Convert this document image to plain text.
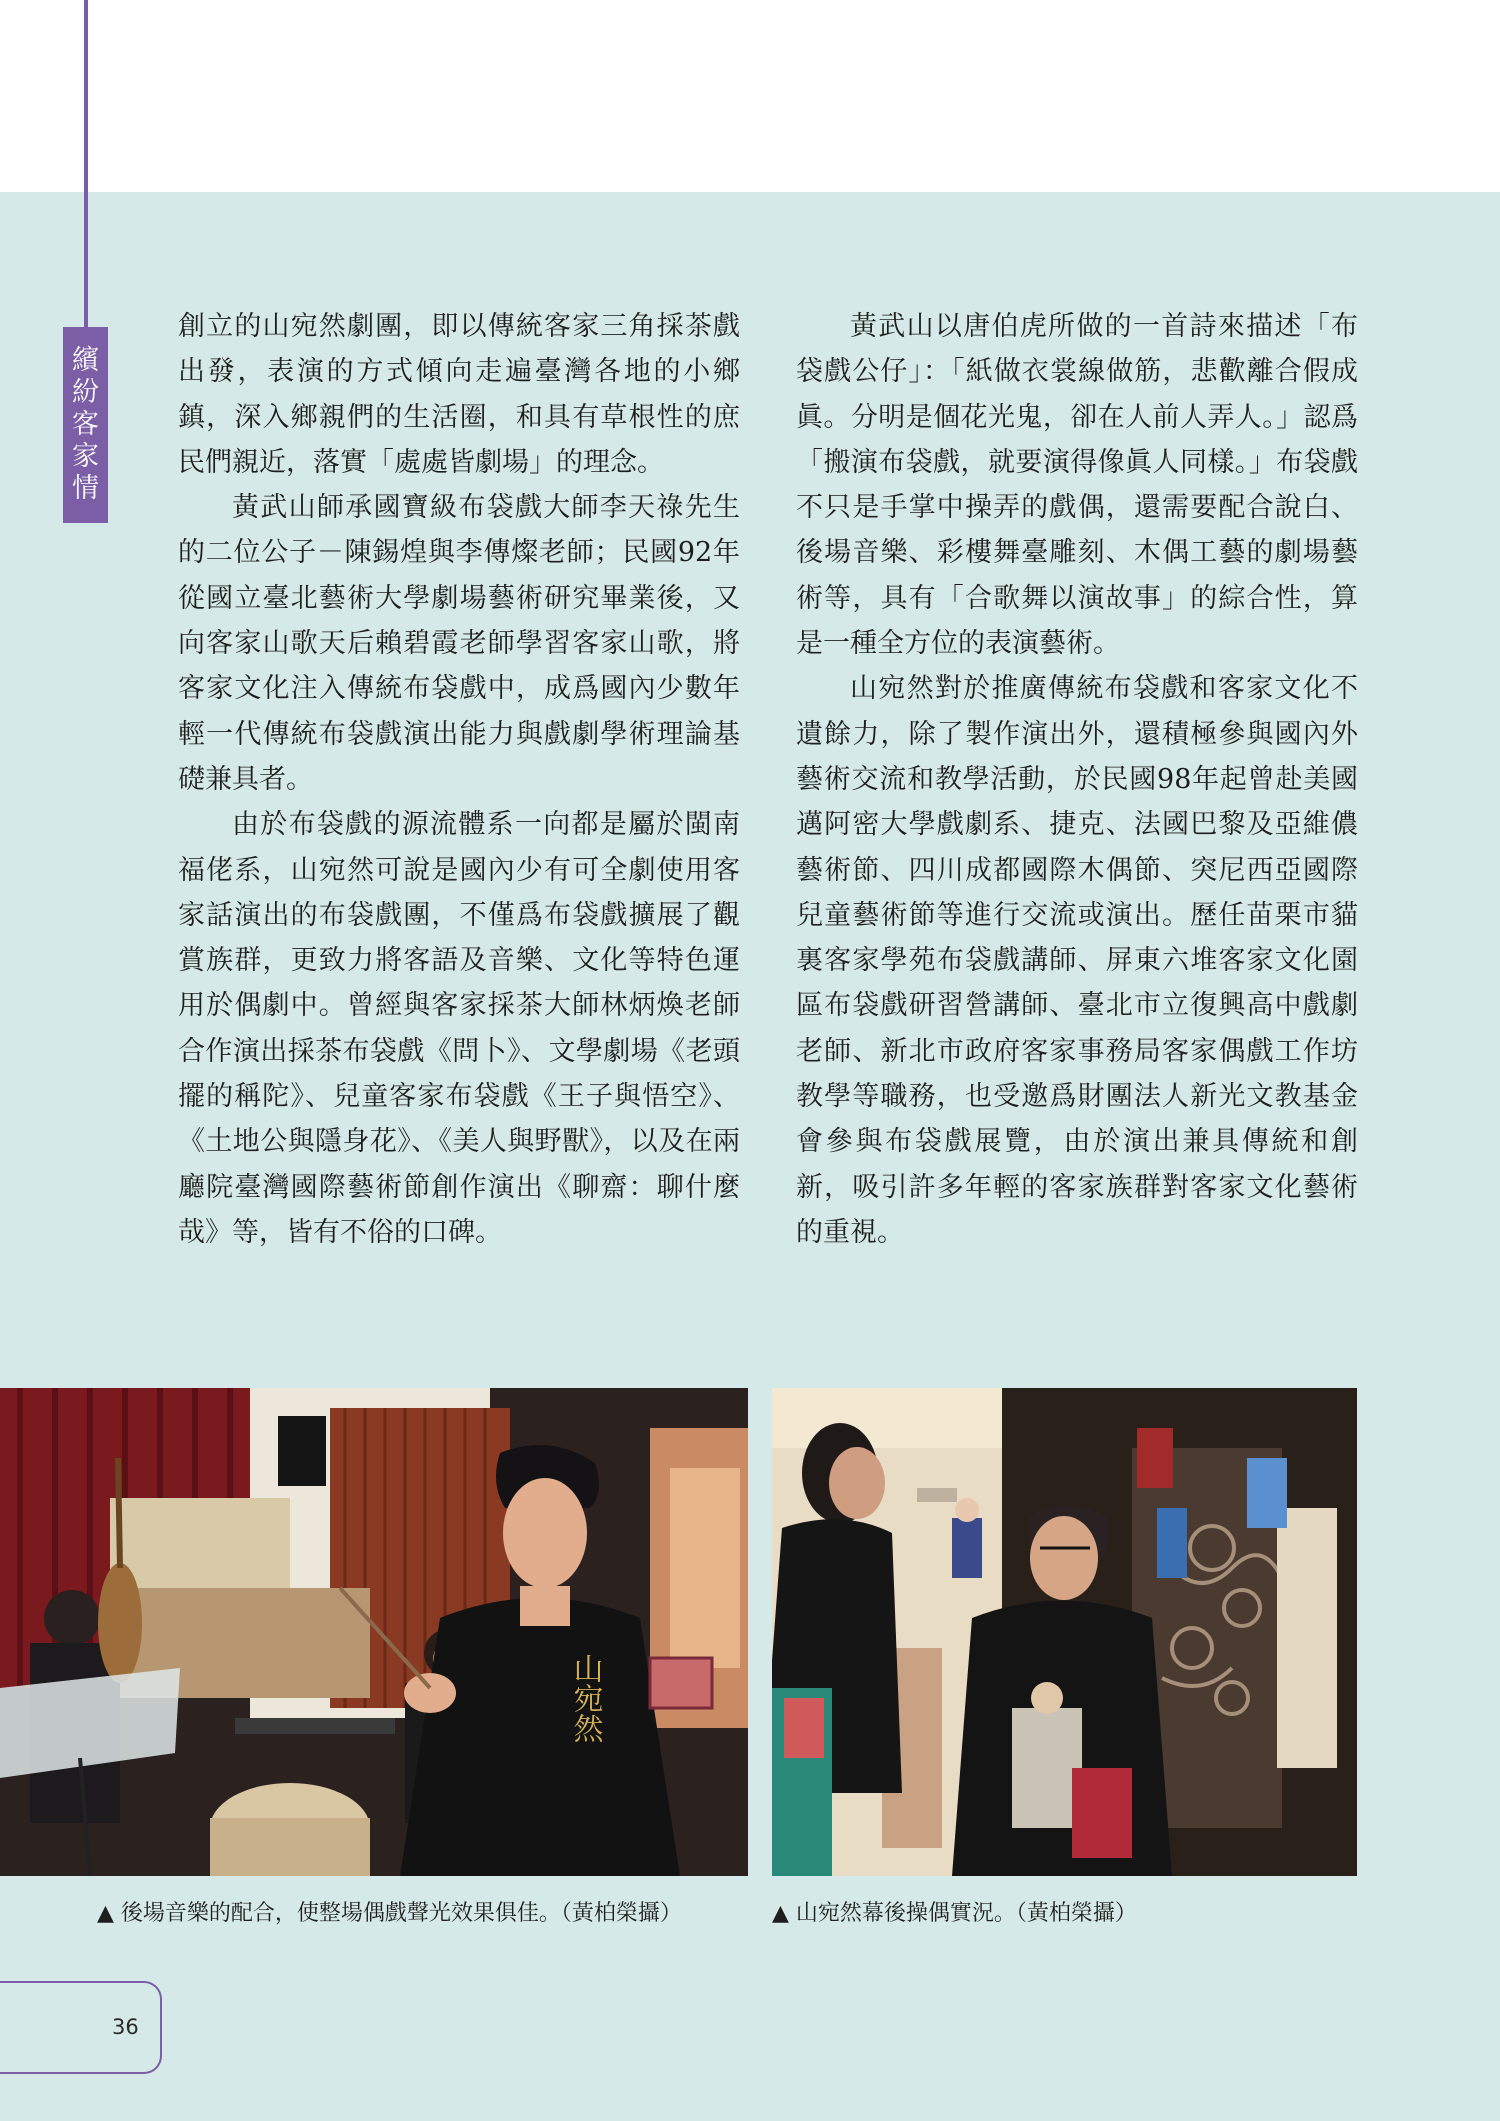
繽紛客家情

創立的山宛然劇團，即以傳統客家三角採茶戲出發，表演的方式傾向走遍臺灣各地的小鄉鎮，深入鄉親們的生活圈，和具有草根性的庶民們親近，落實「處處皆劇場」的理念。

黃武山師承國寶級布袋戲大師李天祿先生的二位公子－陳錫煌與李傳燦老師；民國92年從國立臺北藝術大學劇場藝術研究畢業後，又向客家山歌天后賴碧霞老師學習客家山歌，將客家文化注入傳統布袋戲中，成爲國內少數年輕一代傳統布袋戲演出能力與戲劇學術理論基礎兼具者。

由於布袋戲的源流體系一向都是屬於閩南福佬系，山宛然可說是國內少有可全劇使用客家話演出的布袋戲團，不僅爲布袋戲擴展了觀賞族群，更致力將客語及音樂、文化等特色運用於偶劇中。曾經與客家採茶大師林炳煥老師合作演出採茶布袋戲《問卜》、文學劇場《老頭擺的稱陀》、兒童客家布袋戲《王子與悟空》、《土地公與隱身花》、《美人與野獸》，以及在兩廳院臺灣國際藝術節創作演出《聊齋：聊什麼哉》等，皆有不俗的口碑。

黃武山以唐伯虎所做的一首詩來描述「布袋戲公仔」：「紙做衣裳線做筋，悲歡離合假成眞。分明是個花光鬼，卻在人前人弄人。」認爲「搬演布袋戲，就要演得像眞人同樣。」布袋戲不只是手掌中操弄的戲偶，還需要配合說白、後場音樂、彩樓舞臺雕刻、木偶工藝的劇場藝術等，具有「合歌舞以演故事」的綜合性，算是一種全方位的表演藝術。

山宛然對於推廣傳統布袋戲和客家文化不遺餘力，除了製作演出外，還積極參與國內外藝術交流和教學活動，於民國98年起曾赴美國邁阿密大學戲劇系、捷克、法國巴黎及亞維儂藝術節、四川成都國際木偶節、突尼西亞國際兒童藝術節等進行交流或演出。歷任苗栗市貓裏客家學苑布袋戲講師、屏東六堆客家文化園區布袋戲研習營講師、臺北市立復興高中戲劇老師、新北市政府客家事務局客家偶戲工作坊教學等職務，也受邀爲財團法人新光文教基金會參與布袋戲展覽，由於演出兼具傳統和創新，吸引許多年輕的客家族群對客家文化藝術的重視。

山宛然
▲ 後場音樂的配合，使整場偶戲聲光效果俱佳。（黃柏榮攝）	▲ 山宛然幕後操偶實況。（黃柏榮攝）
36
